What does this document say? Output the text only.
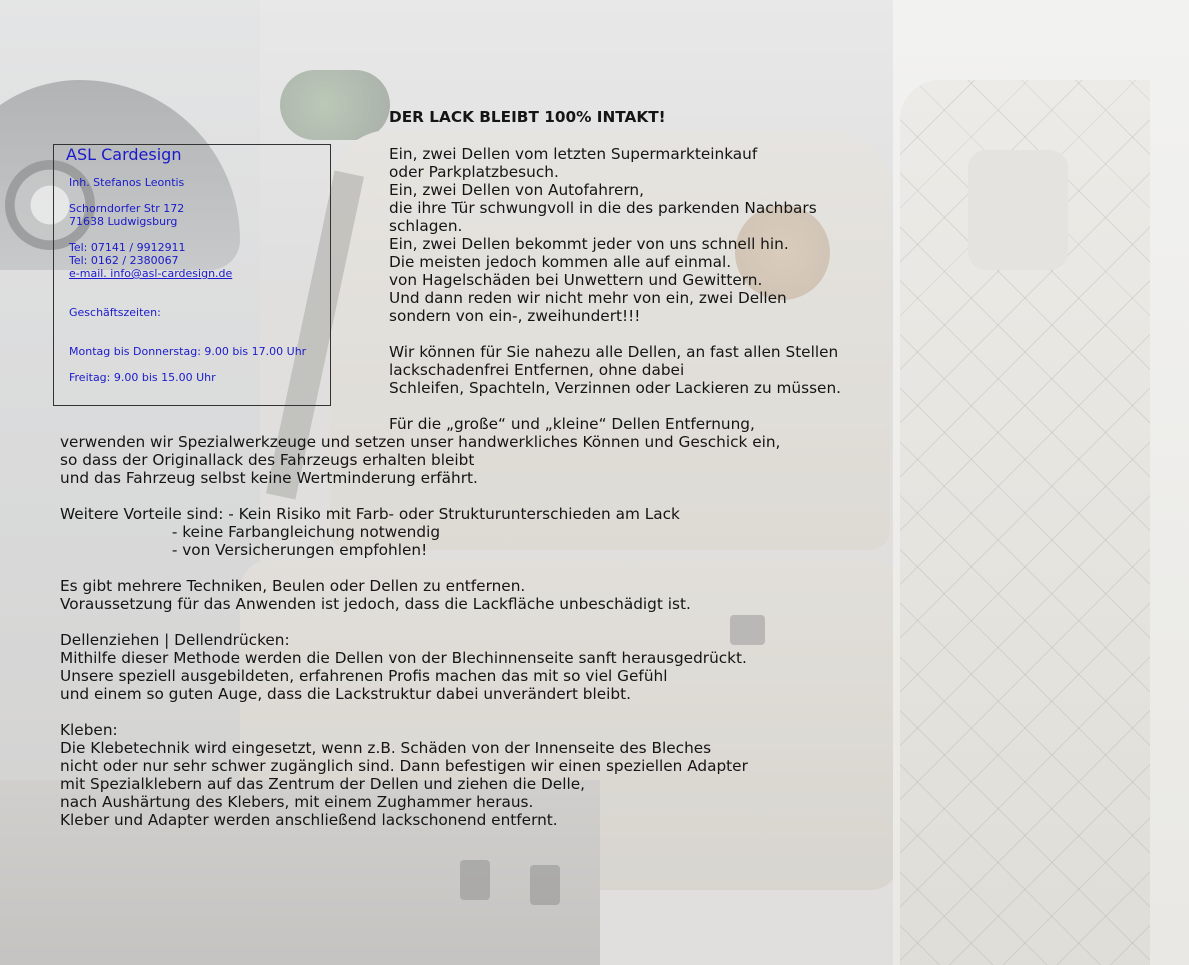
ASL Cardesign
Inh. Stefanos Leontis
Schorndorfer Str 172
71638 Ludwigsburg
Tel: 07141 / 9912911
Tel: 0162 / 2380067
e-mail. info@asl-cardesign.de
Geschäftszeiten:
Montag bis Donnerstag: 9.00 bis 17.00 Uhr
Freitag: 9.00 bis 15.00 Uhr
DER LACK BLEIBT 100% INTAKT!

Ein, zwei Dellen vom letzten Supermarkteinkauf
oder Parkplatzbesuch.
Ein, zwei Dellen von Autofahrern,
die ihre Tür schwungvoll in die des parkenden Nachbars
schlagen.
Ein, zwei Dellen bekommt jeder von uns schnell hin.
Die meisten jedoch kommen alle auf einmal.
von Hagelschäden bei Unwettern und Gewittern.
Und dann reden wir nicht mehr von ein, zwei Dellen
sondern von ein-, zweihundert!!!

Wir können für Sie nahezu alle Dellen, an fast allen Stellen
lackschadenfrei Entfernen, ohne dabei
Schleifen, Spachteln, Verzinnen oder Lackieren zu müssen.

Für die „große“ und „kleine“ Dellen Entfernung,

verwenden wir Spezialwerkzeuge und setzen unser handwerkliches Können und Geschick ein,
so dass der Originallack des Fahrzeugs erhalten bleibt
und das Fahrzeug selbst keine Wertminderung erfährt.

Weitere Vorteile sind: - Kein Risiko mit Farb- oder Strukturunterschieden am Lack
- keine Farbangleichung notwendig
- von Versicherungen empfohlen!

Es gibt mehrere Techniken, Beulen oder Dellen zu entfernen.
Voraussetzung für das Anwenden ist jedoch, dass die Lackfläche unbeschädigt ist.

Dellenziehen | Dellendrücken:
Mithilfe dieser Methode werden die Dellen von der Blechinnenseite sanft herausgedrückt.
Unsere speziell ausgebildeten, erfahrenen Profis machen das mit so viel Gefühl
und einem so guten Auge, dass die Lackstruktur dabei unverändert bleibt.

Kleben:
Die Klebetechnik wird eingesetzt, wenn z.B. Schäden von der Innenseite des Bleches
nicht oder nur sehr schwer zugänglich sind. Dann befestigen wir einen speziellen Adapter
mit Spezialklebern auf das Zentrum der Dellen und ziehen die Delle,
nach Aushärtung des Klebers, mit einem Zughammer heraus.
Kleber und Adapter werden anschließend lackschonend entfernt.
